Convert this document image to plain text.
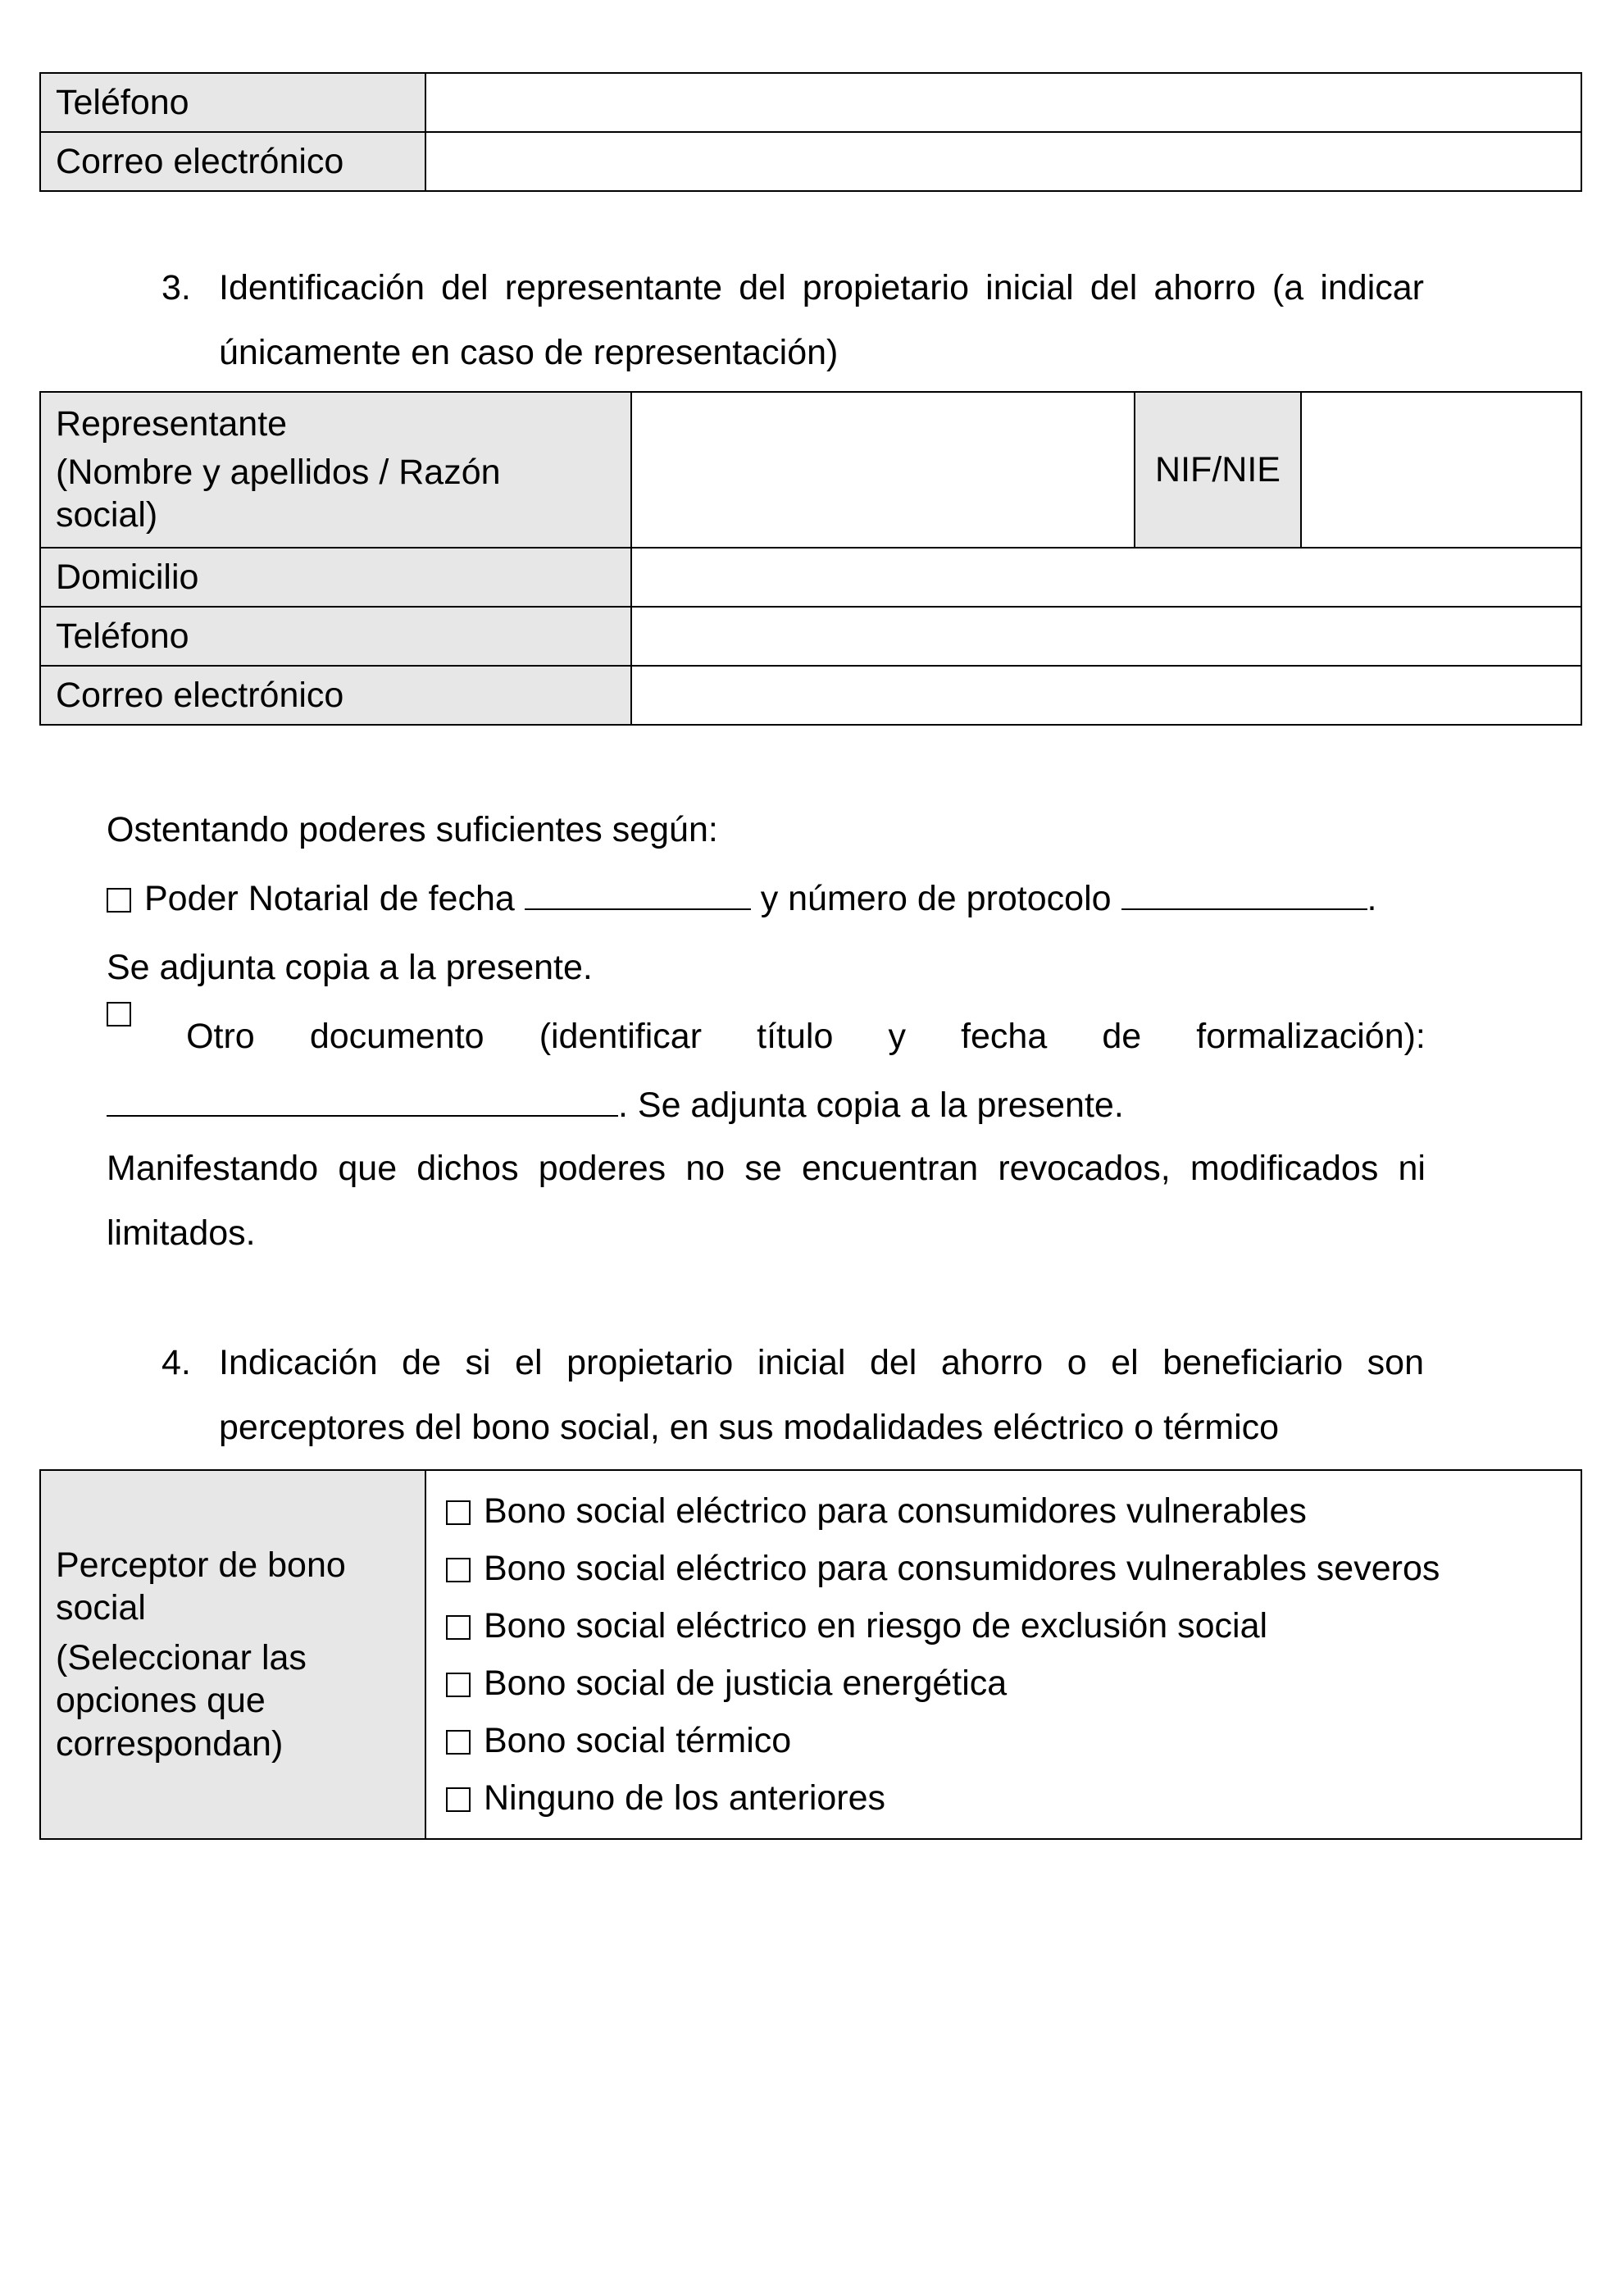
Teléfono	
Correo electrónico	
3. Identificación del representante del propietario inicial del ahorro (a indicar únicamente en caso de representación)
Representante
(Nombre y apellidos / Razón social)		NIF/NIE	
Domicilio			
Teléfono			
Correo electrónico			
Ostentando poderes suficientes según:
Poder Notarial de fecha	y número de protocolo	.
Se adjunta copia a la presente.
Otro documento (identificar título y fecha de formalización):
. Se adjunta copia a la presente.
Manifestando que dichos poderes no se encuentran revocados, modificados ni limitados.
4. Indicación de si el propietario inicial del ahorro o el beneficiario son perceptores del bono social, en sus modalidades eléctrico o térmico
Perceptor de bono social
(Seleccionar las opciones que correspondan)

Bono social eléctrico para consumidores vulnerables
Bono social eléctrico para consumidores vulnerables severos
Bono social eléctrico en riesgo de exclusión social
Bono social de justicia energética
Bono social térmico
Ninguno de los anteriores
